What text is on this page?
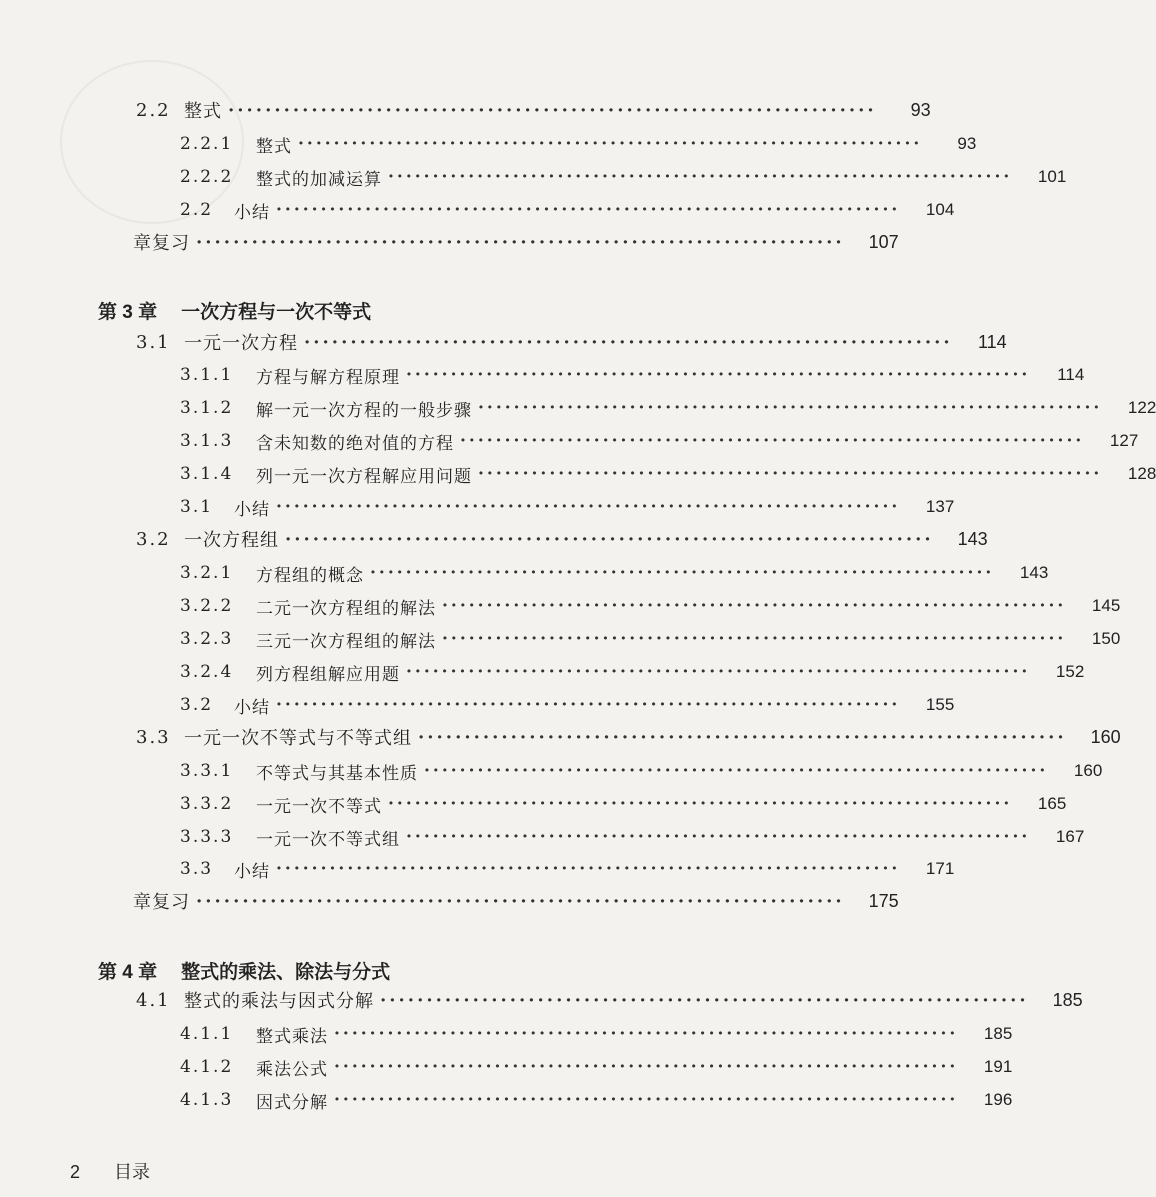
2.2 整式 ······································································	93
2.2.1	整式 ······································································	93
2.2.2	整式的加减运算 ······································································	101
2.2	小结 ······································································	104
章复习 ······································································	107
第 3 章 一次方程与一次不等式
3.1 一元一次方程 ······································································	114
3.1.1	方程与解方程原理 ······································································	114
3.1.2	解一元一次方程的一般步骤 ······································································	122
3.1.3	含未知数的绝对值的方程 ······································································	127
3.1.4	列一元一次方程解应用问题 ······································································	128
3.1	小结 ······································································	137
3.2 一次方程组 ······································································	143
3.2.1	方程组的概念 ······································································	143
3.2.2	二元一次方程组的解法 ······································································	145
3.2.3	三元一次方程组的解法 ······································································	150
3.2.4	列方程组解应用题 ······································································	152
3.2	小结 ······································································	155
3.3 一元一次不等式与不等式组 ······································································	160
3.3.1	不等式与其基本性质 ······································································	160
3.3.2	一元一次不等式 ······································································	165
3.3.3	一元一次不等式组 ······································································	167
3.3	小结 ······································································	171
章复习 ······································································	175
第 4 章 整式的乘法、除法与分式
4.1 整式的乘法与因式分解 ······································································	185
4.1.1	整式乘法 ······································································	185
4.1.2	乘法公式 ······································································	191
4.1.3	因式分解 ······································································	196
2 目录
